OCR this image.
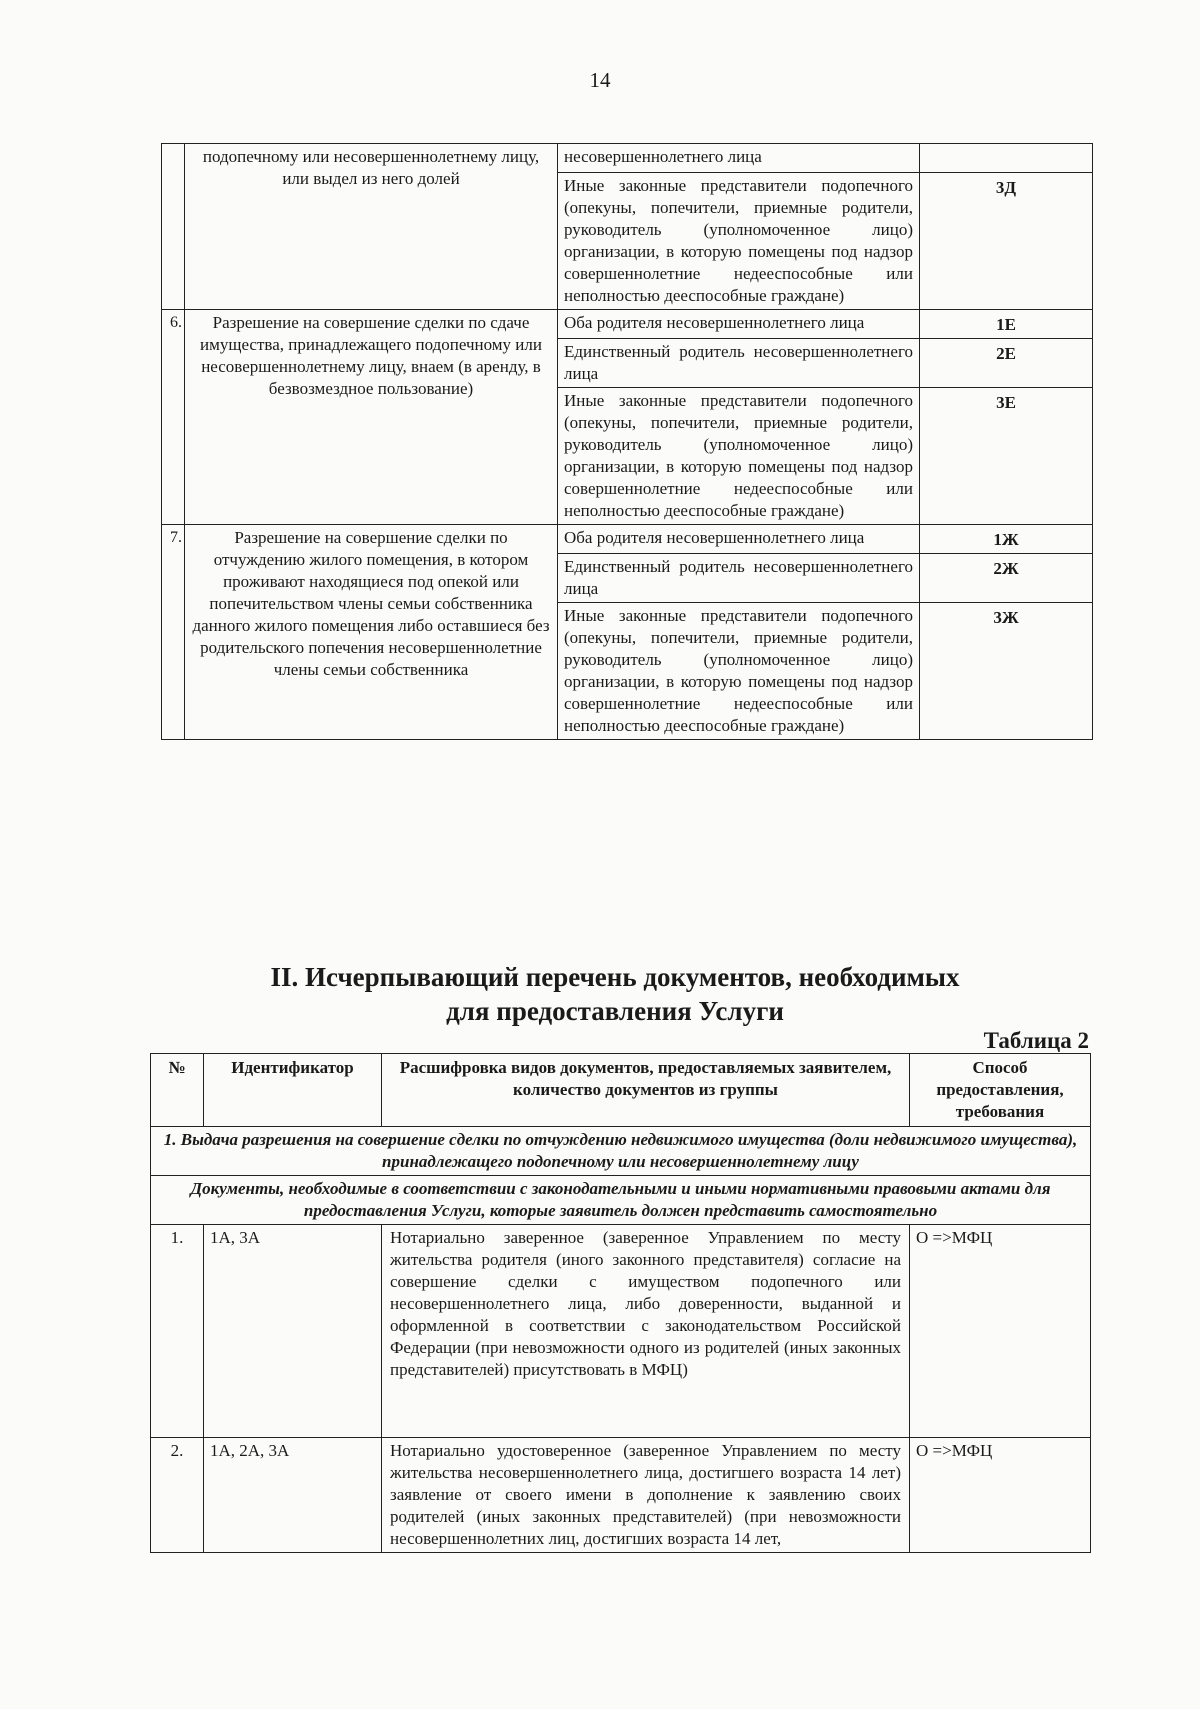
14
	подопечному или несовершеннолетнему лицу, или выдел из него долей	несовершеннолетнего лица	
		Иные законные представители подопечного (опекуны, попечители, приемные родители, руководитель (уполномоченное лицо) организации, в которую помещены под надзор совершеннолетние недееспособные или неполностью дееспособные граждане)	3Д
6.	Разрешение на совершение сделки по сдаче имущества, принадлежащего подопечному или несовершеннолетнему лицу, внаем (в аренду, в безвозмездное пользование)	Оба родителя несовершеннолетнего лица	1Е
		Единственный родитель несовершеннолетнего лица	2Е
		Иные законные представители подопечного (опекуны, попечители, приемные родители, руководитель (уполномоченное лицо) организации, в которую помещены под надзор совершеннолетние недееспособные или неполностью дееспособные граждане)	3Е
7.	Разрешение на совершение сделки по отчуждению жилого помещения, в котором проживают находящиеся под опекой или попечительством члены семьи собственника данного жилого помещения либо оставшиеся без родительского попечения несовершеннолетние члены семьи собственника	Оба родителя несовершеннолетнего лица	1Ж
		Единственный родитель несовершеннолетнего лица	2Ж
		Иные законные представители подопечного (опекуны, попечители, приемные родители, руководитель (уполномоченное лицо) организации, в которую помещены под надзор совершеннолетние недееспособные или неполностью дееспособные граждане)	3Ж
II. Исчерпывающий перечень документов, необходимых
для предоставления Услуги
Таблица 2
№	Идентификатор	Расшифровка видов документов, предоставляемых заявителем, количество документов из группы	Способ предоставления, требования
1. Выдача разрешения на совершение сделки по отчуждению недвижимого имущества (доли недвижимого имущества), принадлежащего подопечному или несовершеннолетнему лицу			
Документы, необходимые в соответствии с законодательными и иными нормативными правовыми актами для предоставления Услуги, которые заявитель должен представить самостоятельно			
1.	1А, 3А	Нотариально заверенное (заверенное Управлением по месту жительства родителя (иного законного представителя) согласие на совершение сделки с имуществом подопечного или несовершеннолетнего лица, либо доверенности, выданной и оформленной в соответствии с законодательством Российской Федерации (при невозможности одного из родителей (иных законных представителей) присутствовать в МФЦ)	О =>МФЦ
2.	1А, 2А, 3А	Нотариально удостоверенное (заверенное Управлением по месту жительства несовершеннолетнего лица, достигшего возраста 14 лет) заявление от своего имени в дополнение к заявлению своих родителей (иных законных представителей) (при невозможности несовершеннолетних лиц, достигших возраста 14 лет,	О =>МФЦ
